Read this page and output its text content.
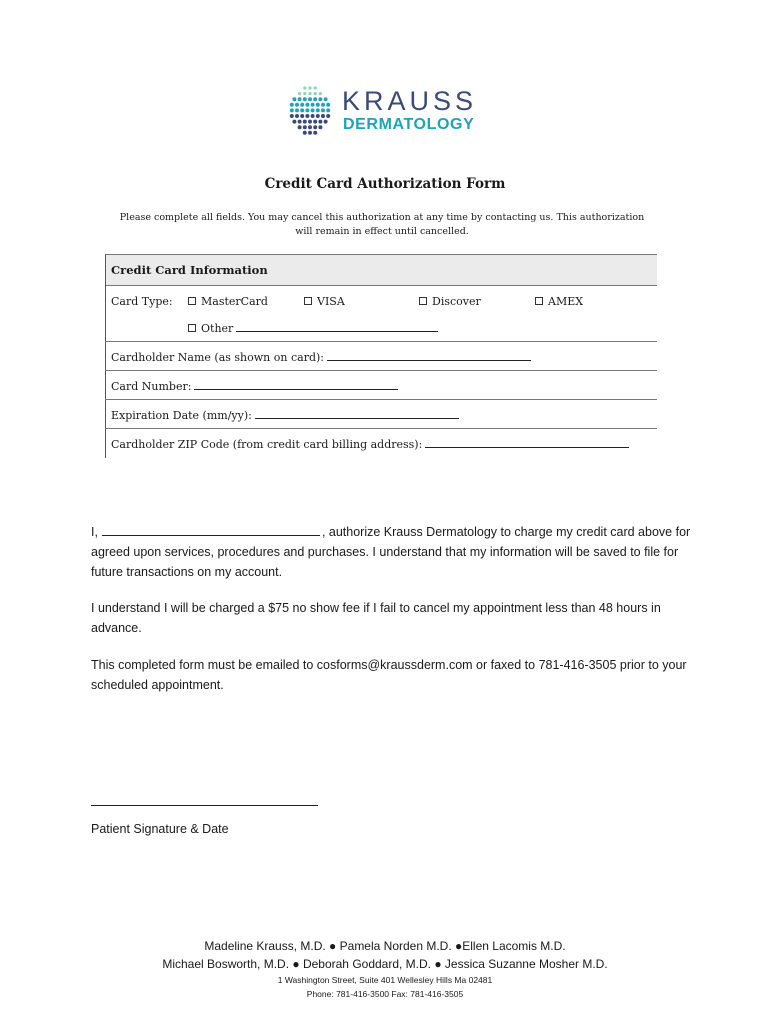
KRAUSS
DERMATOLOGY
Credit Card Authorization Form
Please complete all fields. You may cancel this authorization at any time by contacting us. This authorization will remain in effect until cancelled.
Credit Card Information
Card Type:	MasterCard	VISA	Discover	AMEX
Other
Cardholder Name (as shown on card):
Card Number:
Expiration Date (mm/yy):
Cardholder ZIP Code (from credit card billing address):
I,	, authorize Krauss Dermatology to charge my credit card above for agreed upon services, procedures and purchases. I understand that my information will be saved to file for future transactions on my account.
I understand I will be charged a $75 no show fee if I fail to cancel my appointment less than 48 hours in advance.
This completed form must be emailed to cosforms@kraussderm.com or faxed to 781-416-3505 prior to your scheduled appointment.
Patient Signature & Date
Madeline Krauss, M.D. ● Pamela Norden M.D. ●Ellen Lacomis M.D.
Michael Bosworth, M.D. ● Deborah Goddard, M.D. ● Jessica Suzanne Mosher M.D.
1 Washington Street, Suite 401 Wellesley Hills Ma 02481
Phone: 781-416-3500 Fax: 781-416-3505
